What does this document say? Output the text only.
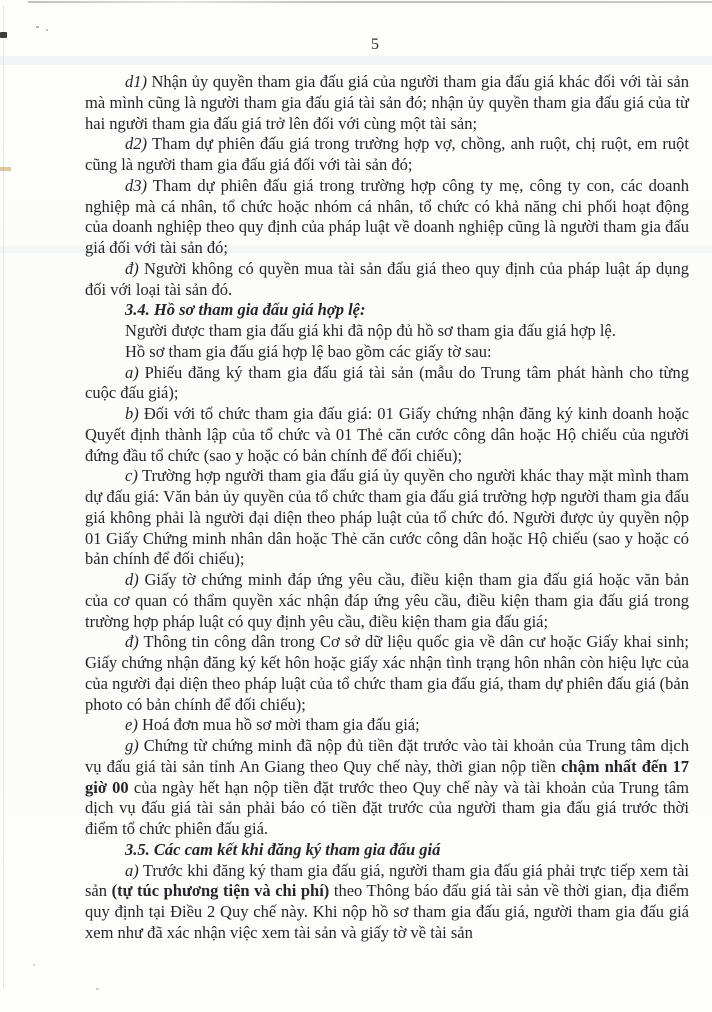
5

d1) Nhận ủy quyền tham gia đấu giá của người tham gia đấu giá khác đối với tài sản mà mình cũng là người tham gia đấu giá tài sản đó; nhận ủy quyền tham gia đấu giá của từ hai người tham gia đấu giá trở lên đối với cùng một tài sản;

d2) Tham dự phiên đấu giá trong trường hợp vợ, chồng, anh ruột, chị ruột, em ruột cũng là người tham gia đấu giá đối với tài sản đó;

d3) Tham dự phiên đấu giá trong trường hợp công ty mẹ, công ty con, các doanh nghiệp mà cá nhân, tổ chức hoặc nhóm cá nhân, tổ chức có khả năng chi phối hoạt động của doanh nghiệp theo quy định của pháp luật về doanh nghiệp cũng là người tham gia đấu giá đối với tài sản đó;

đ) Người không có quyền mua tài sản đấu giá theo quy định của pháp luật áp dụng đối với loại tài sản đó.

3.4. Hồ sơ tham gia đấu giá hợp lệ:

Người được tham gia đấu giá khi đã nộp đủ hồ sơ tham gia đấu giá hợp lệ.

Hồ sơ tham gia đấu giá hợp lệ bao gồm các giấy tờ sau:

a) Phiếu đăng ký tham gia đấu giá tài sản (mẫu do Trung tâm phát hành cho từng cuộc đấu giá);

b) Đối với tổ chức tham gia đấu giá: 01 Giấy chứng nhận đăng ký kinh doanh hoặc Quyết định thành lập của tổ chức và 01 Thẻ căn cước công dân hoặc Hộ chiếu của người đứng đầu tổ chức (sao y hoặc có bản chính để đối chiếu);

c) Trường hợp người tham gia đấu giá ủy quyền cho người khác thay mặt mình tham dự đấu giá: Văn bản ủy quyền của tổ chức tham gia đấu giá trường hợp người tham gia đấu giá không phải là người đại diện theo pháp luật của tổ chức đó. Người được ủy quyền nộp 01 Giấy Chứng minh nhân dân hoặc Thẻ căn cước công dân hoặc Hộ chiếu (sao y hoặc có bản chính để đối chiếu);

d) Giấy tờ chứng minh đáp ứng yêu cầu, điều kiện tham gia đấu giá hoặc văn bản của cơ quan có thẩm quyền xác nhận đáp ứng yêu cầu, điều kiện tham gia đấu giá trong trường hợp pháp luật có quy định yêu cầu, điều kiện tham gia đấu giá;

đ) Thông tin công dân trong Cơ sở dữ liệu quốc gia về dân cư hoặc Giấy khai sinh; Giấy chứng nhận đăng ký kết hôn hoặc giấy xác nhận tình trạng hôn nhân còn hiệu lực của của người đại diện theo pháp luật của tổ chức tham gia đấu giá, tham dự phiên đấu giá (bản photo có bản chính để đối chiếu);

e) Hoá đơn mua hồ sơ mời tham gia đấu giá;

g) Chứng từ chứng minh đã nộp đủ tiền đặt trước vào tài khoản của Trung tâm dịch vụ đấu giá tài sản tỉnh An Giang theo Quy chế này, thời gian nộp tiền chậm nhất đến 17 giờ 00 của ngày hết hạn nộp tiền đặt trước theo Quy chế này và tài khoản của Trung tâm dịch vụ đấu giá tài sản phải báo có tiền đặt trước của người tham gia đấu giá trước thời điểm tổ chức phiên đấu giá.

3.5. Các cam kết khi đăng ký tham gia đấu giá

a) Trước khi đăng ký tham gia đấu giá, người tham gia đấu giá phải trực tiếp xem tài sản (tự túc phương tiện và chi phí) theo Thông báo đấu giá tài sản về thời gian, địa điểm quy định tại Điều 2 Quy chế này. Khi nộp hồ sơ tham gia đấu giá, người tham gia đấu giá xem như đã xác nhận việc xem tài sản và giấy tờ về tài sản
